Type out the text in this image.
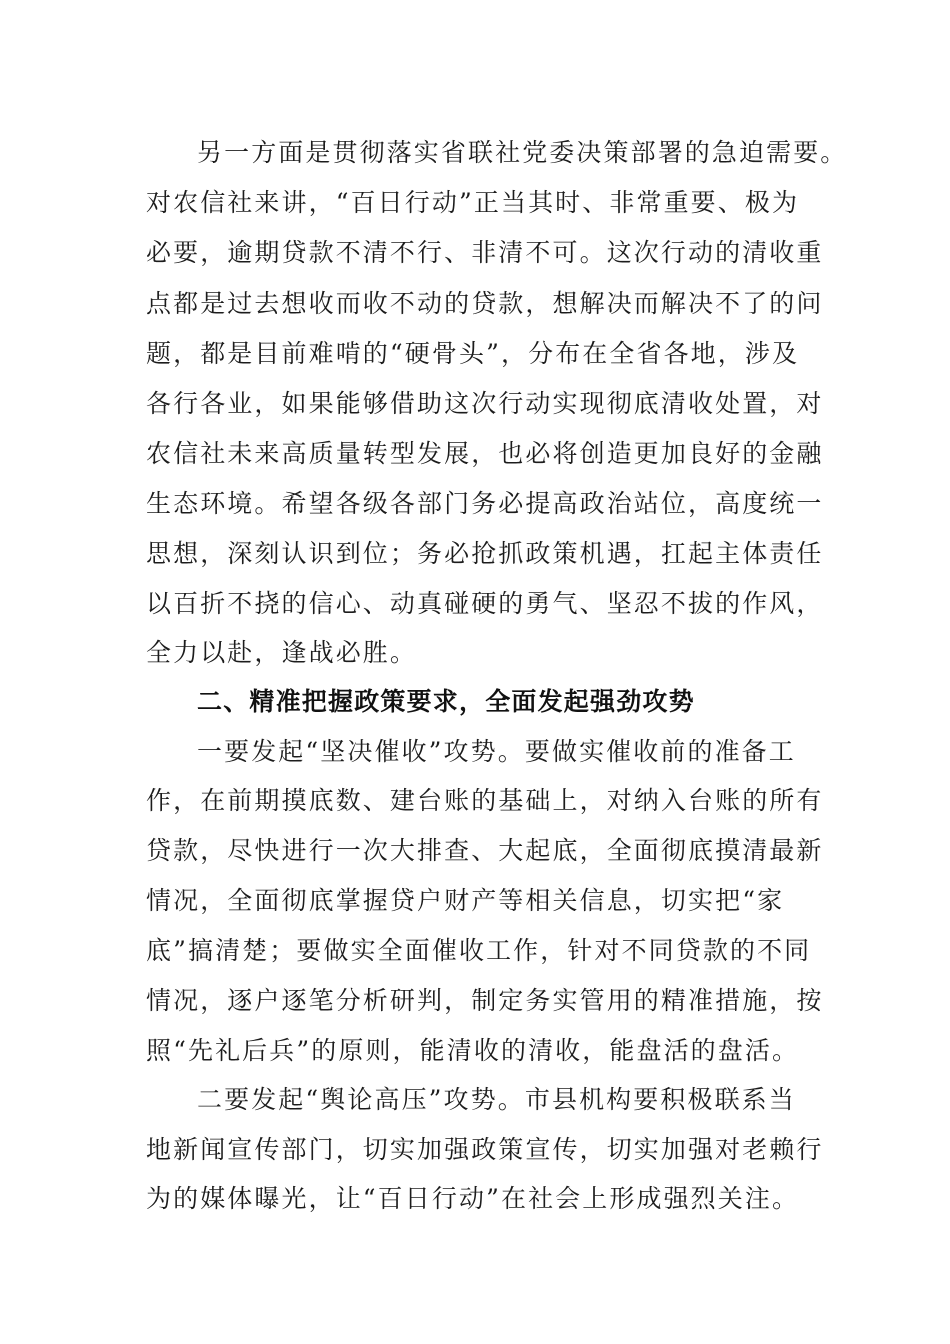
另一方面是贯彻落实省联社党委决策部署的急迫需要。
对农信社来讲，“百日行动”正当其时、非常重要、极为
必要，逾期贷款不清不行、非清不可。这次行动的清收重
点都是过去想收而收不动的贷款，想解决而解决不了的问
题，都是目前难啃的“硬骨头”，分布在全省各地，涉及
各行各业，如果能够借助这次行动实现彻底清收处置，对
农信社未来高质量转型发展，也必将创造更加良好的金融
生态环境。希望各级各部门务必提高政治站位，高度统一
思想，深刻认识到位；务必抢抓政策机遇，扛起主体责任
以百折不挠的信心、动真碰硬的勇气、坚忍不拔的作风，
全力以赴，逢战必胜。
二、精准把握政策要求，全面发起强劲攻势
一要发起“坚决催收”攻势。要做实催收前的准备工
作，在前期摸底数、建台账的基础上，对纳入台账的所有
贷款，尽快进行一次大排查、大起底，全面彻底摸清最新
情况，全面彻底掌握贷户财产等相关信息，切实把“家
底”搞清楚；要做实全面催收工作，针对不同贷款的不同
情况，逐户逐笔分析研判，制定务实管用的精准措施，按
照“先礼后兵”的原则，能清收的清收，能盘活的盘活。
二要发起“舆论高压”攻势。市县机构要积极联系当
地新闻宣传部门，切实加强政策宣传，切实加强对老赖行
为的媒体曝光，让“百日行动”在社会上形成强烈关注。
